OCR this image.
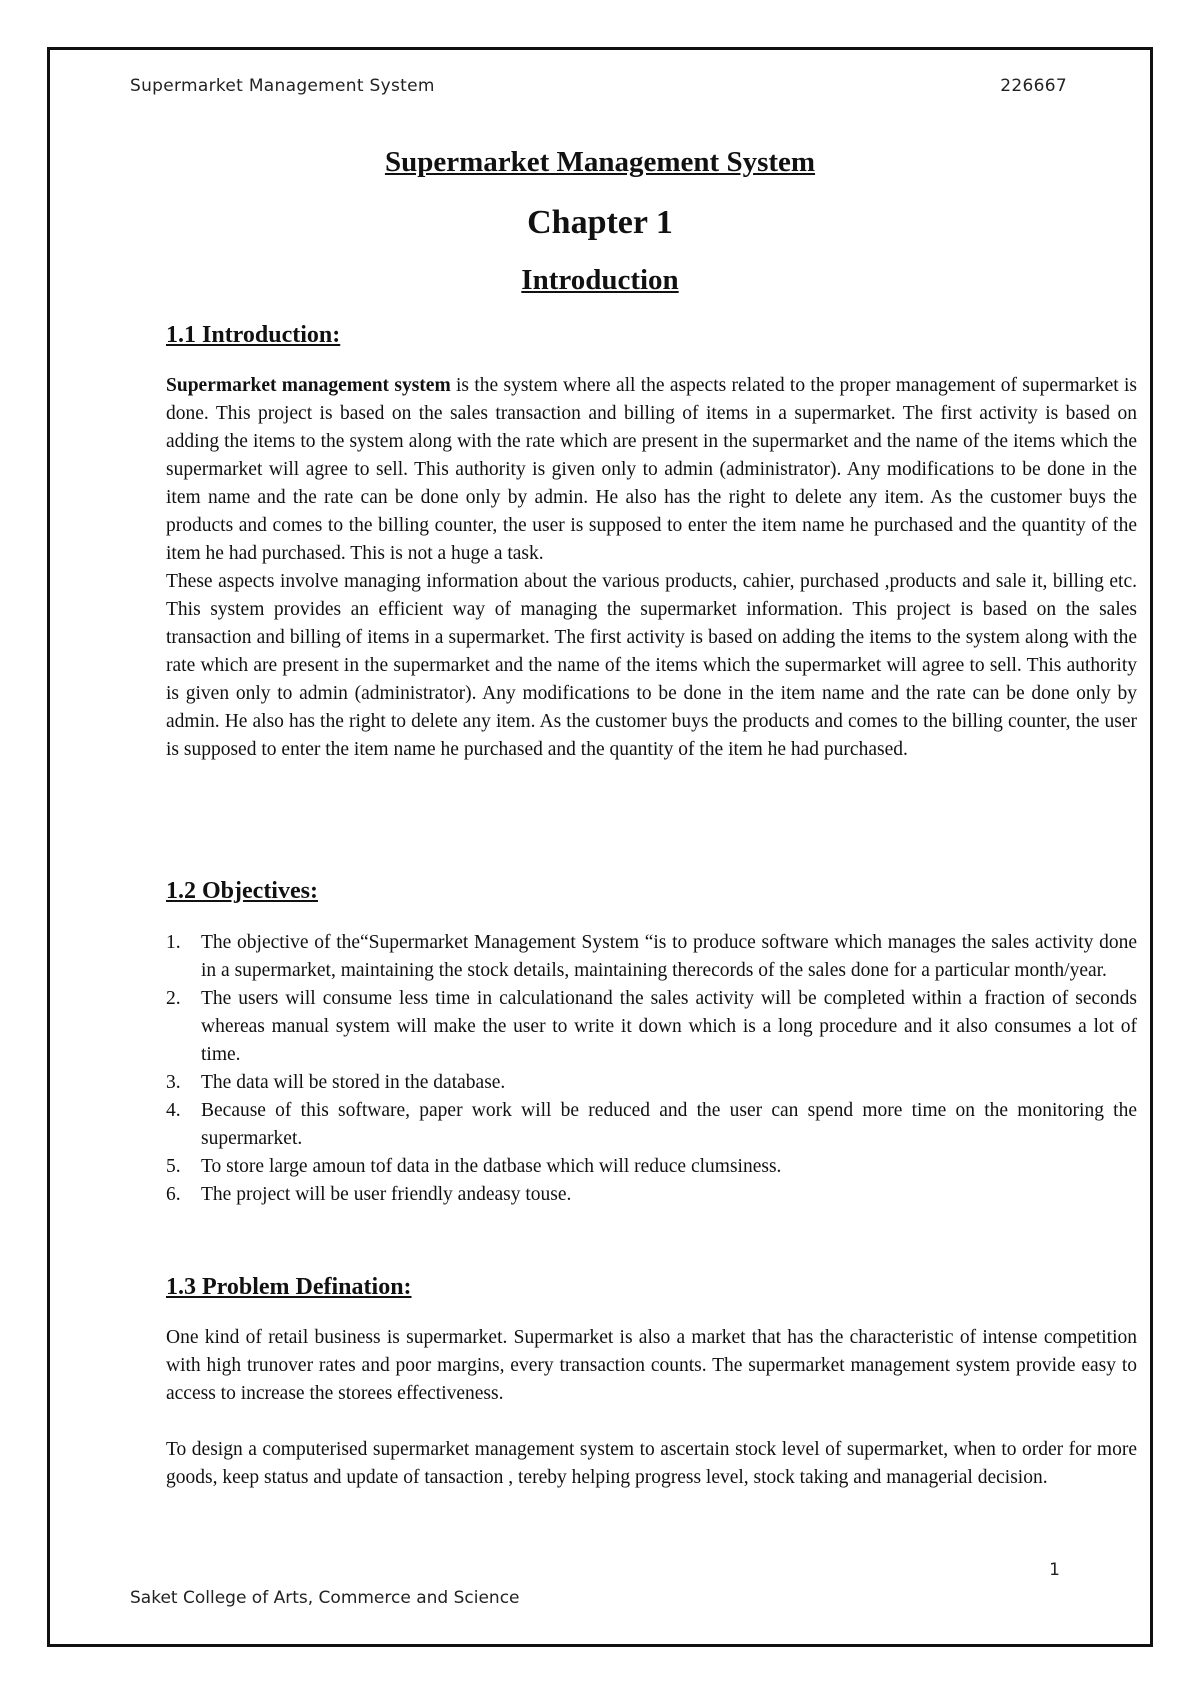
Supermarket Management System	226667
Supermarket Management System
Chapter 1
Introduction
1.1 Introduction:

Supermarket management system is the system where all the aspects related to the proper management of supermarket is done. This project is based on the sales transaction and billing of items in a supermarket. The first activity is based on adding the items to the system along with the rate which are present in the supermarket and the name of the items which the supermarket will agree to sell. This authority is given only to admin (administrator). Any modifications to be done in the item name and the rate can be done only by admin. He also has the right to delete any item. As the customer buys the products and comes to the billing counter, the user is supposed to enter the item name he purchased and the quantity of the item he had purchased. This is not a huge a task.

These aspects involve managing information about the various products, cahier, purchased ,products and sale it, billing etc. This system provides an efficient way of managing the supermarket information. This project is based on the sales transaction and billing of items in a supermarket. The first activity is based on adding the items to the system along with the rate which are present in the supermarket and the name of the items which the supermarket will agree to sell. This authority is given only to admin (administrator). Any modifications to be done in the item name and the rate can be done only by admin. He also has the right to delete any item. As the customer buys the products and comes to the billing counter, the user is supposed to enter the item name he purchased and the quantity of the item he had purchased.

1.2 Objectives:
1. The objective of the“Supermarket Management System “is to produce software which manages the sales activity done in a supermarket, maintaining the stock details, maintaining therecords of the sales done for a particular month/year.
2. The users will consume less time in calculationand the sales activity will be completed within a fraction of seconds whereas manual system will make the user to write it down which is a long procedure and it also consumes a lot of time.
3. The data will be stored in the database.
4. Because of this software, paper work will be reduced and the user can spend more time on the monitoring the supermarket.
5. To store large amoun tof data in the datbase which will reduce clumsiness.
6. The project will be user friendly andeasy touse.
1.3 Problem Defination:
One kind of retail business is supermarket. Supermarket is also a market that has the characteristic of intense competition with high trunover rates and poor margins, every transaction counts. The supermarket management system provide easy to access to increase the storees effectiveness.
To design a computerised supermarket management system to ascertain stock level of supermarket, when to order for more goods, keep status and update of tansaction , tereby helping progress level, stock taking and managerial decision.
1
Saket College of Arts, Commerce and Science
